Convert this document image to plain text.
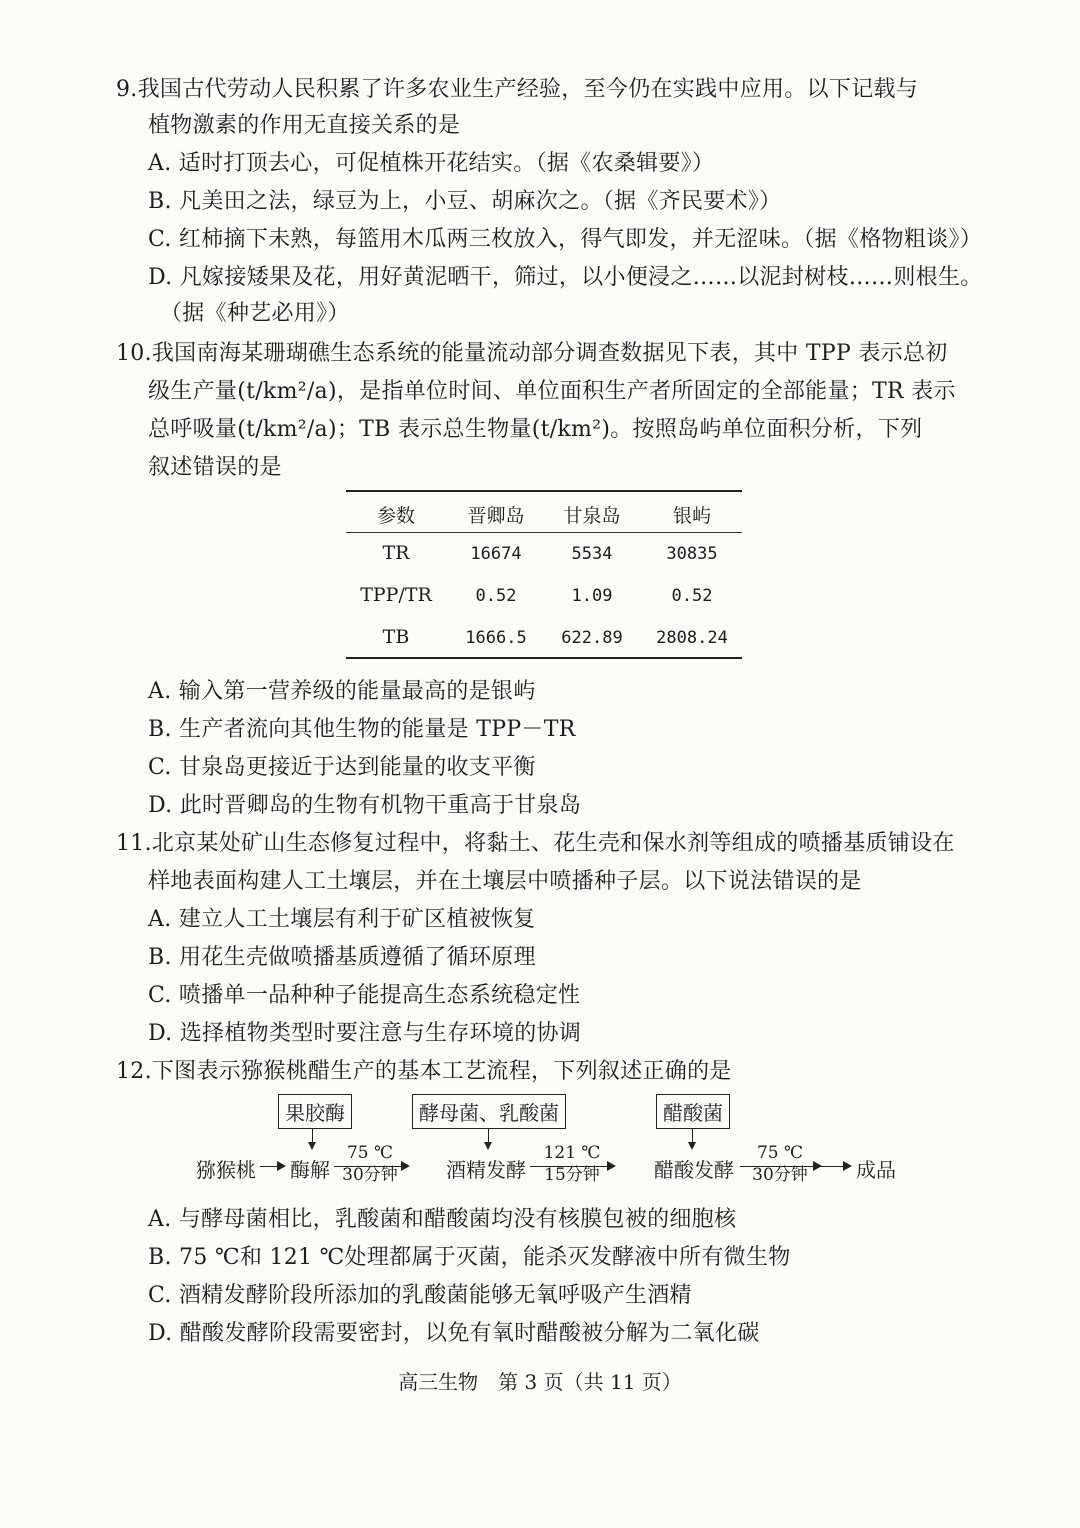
9.我国古代劳动人民积累了许多农业生产经验，至今仍在实践中应用。以下记载与
植物激素的作用无直接关系的是
A. 适时打顶去心，可促植株开花结实。（据《农桑辑要》）
B. 凡美田之法，绿豆为上，小豆、胡麻次之。（据《齐民要术》）
C. 红柿摘下未熟，每篮用木瓜两三枚放入，得气即发，并无涩味。（据《格物粗谈》）
D. 凡嫁接矮果及花，用好黄泥晒干，筛过，以小便浸之……以泥封树枝……则根生。
（据《种艺必用》）
10.我国南海某珊瑚礁生态系统的能量流动部分调查数据见下表，其中 TPP 表示总初
级生产量(t/km²/a)，是指单位时间、单位面积生产者所固定的全部能量；TR 表示
总呼吸量(t/km²/a)；TB 表示总生物量(t/km²)。按照岛屿单位面积分析，下列
叙述错误的是
参数	晋卿岛	甘泉岛	银屿
TR	16674	5534	30835
TPP/TR	0.52	1.09	0.52
TB	1666.5	622.89	2808.24
A. 输入第一营养级的能量最高的是银屿
B. 生产者流向其他生物的能量是 TPP－TR
C. 甘泉岛更接近于达到能量的收支平衡
D. 此时晋卿岛的生物有机物干重高于甘泉岛
11.北京某处矿山生态修复过程中，将黏土、花生壳和保水剂等组成的喷播基质铺设在
样地表面构建人工土壤层，并在土壤层中喷播种子层。以下说法错误的是
A. 建立人工土壤层有利于矿区植被恢复
B. 用花生壳做喷播基质遵循了循环原理
C. 喷播单一品种种子能提高生态系统稳定性
D. 选择植物类型时要注意与生存环境的协调
12.下图表示猕猴桃醋生产的基本工艺流程，下列叙述正确的是
果胶酶	酵母菌、乳酸菌	醋酸菌
猕猴桃 酶解
75 ℃
30分钟	酒精发酵
121 ℃
15分钟	醋酸发酵
75 ℃
30分钟	成品
A. 与酵母菌相比，乳酸菌和醋酸菌均没有核膜包被的细胞核
B. 75 ℃和 121 ℃处理都属于灭菌，能杀灭发酵液中所有微生物
C. 酒精发酵阶段所添加的乳酸菌能够无氧呼吸产生酒精
D. 醋酸发酵阶段需要密封，以免有氧时醋酸被分解为二氧化碳
高三生物　第 3 页（共 11 页）
